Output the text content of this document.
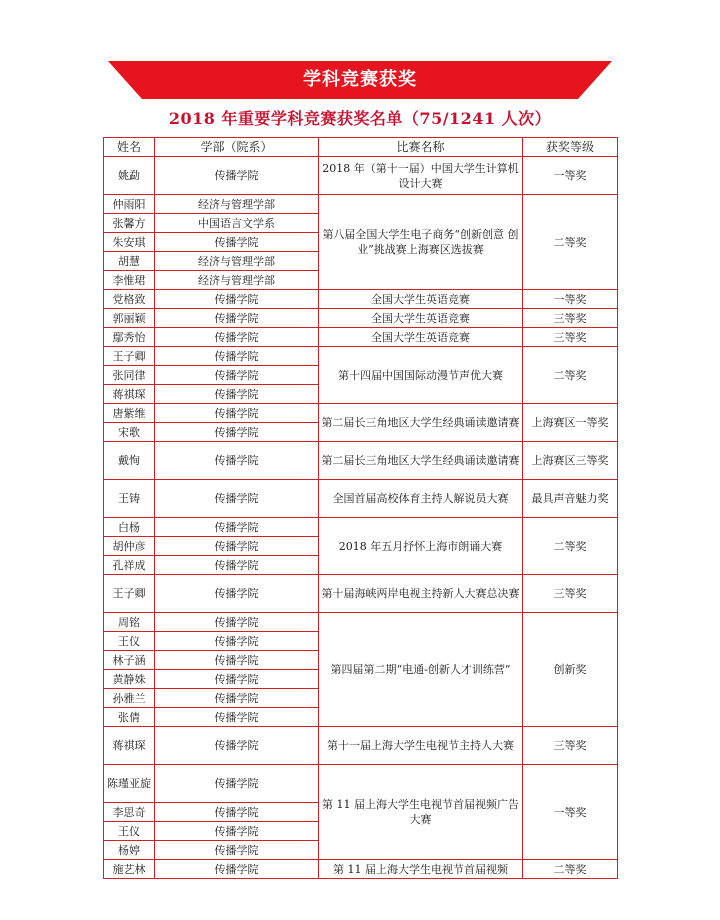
学科竞赛获奖
2018 年重要学科竞赛获奖名单（75/1241 人次）
姓名	学部（院系）	比赛名称	获奖等级
姚勐	传播学院	2018 年（第十一届）中国大学生计算机设计大赛	一等奖
仲雨阳	经济与管理学部	第八届全国大学生电子商务“创新创意 创业”挑战赛上海赛区选拔赛	二等奖
张馨方	中国语言文学系		
朱安琪	传播学院		
胡慧	经济与管理学部		
李惟珺	经济与管理学部		
党格致	传播学院	全国大学生英语竞赛	一等奖
郭丽颖	传播学院	全国大学生英语竞赛	三等奖
鄢秀怡	传播学院	全国大学生英语竞赛	三等奖
王子卿	传播学院	第十四届中国国际动漫节声优大赛	二等奖
张同律	传播学院		
蒋祺琛	传播学院		
唐紫维	传播学院	第二届长三角地区大学生经典诵读邀请赛	上海赛区一等奖
宋歌	传播学院		
戴恂	传播学院	第二届长三角地区大学生经典诵读邀请赛	上海赛区三等奖
王铸	传播学院	全国首届高校体育主持人解说员大赛	最具声音魅力奖
白杨	传播学院	2018 年五月抒怀上海市朗诵大赛	二等奖
胡仲彦	传播学院		
孔祥成	传播学院		
王子卿	传播学院	第十届海峡两岸电视主持新人大赛总决赛	三等奖
周铭	传播学院	第四届第二期“电通-创新人才训练营”	创新奖
王仪	传播学院		
林子涵	传播学院		
黄静姝	传播学院		
孙雅兰	传播学院		
张倩	传播学院		
蒋祺琛	传播学院	第十一届上海大学生电视节主持人大赛	三等奖
陈瑾亚旋	传播学院	第 11 届上海大学生电视节首届视频广告大赛	一等奖
李思奇	传播学院		
王仪	传播学院		
杨婷	传播学院		
施艺林	传播学院	第 11 届上海大学生电视节首届视频	二等奖
